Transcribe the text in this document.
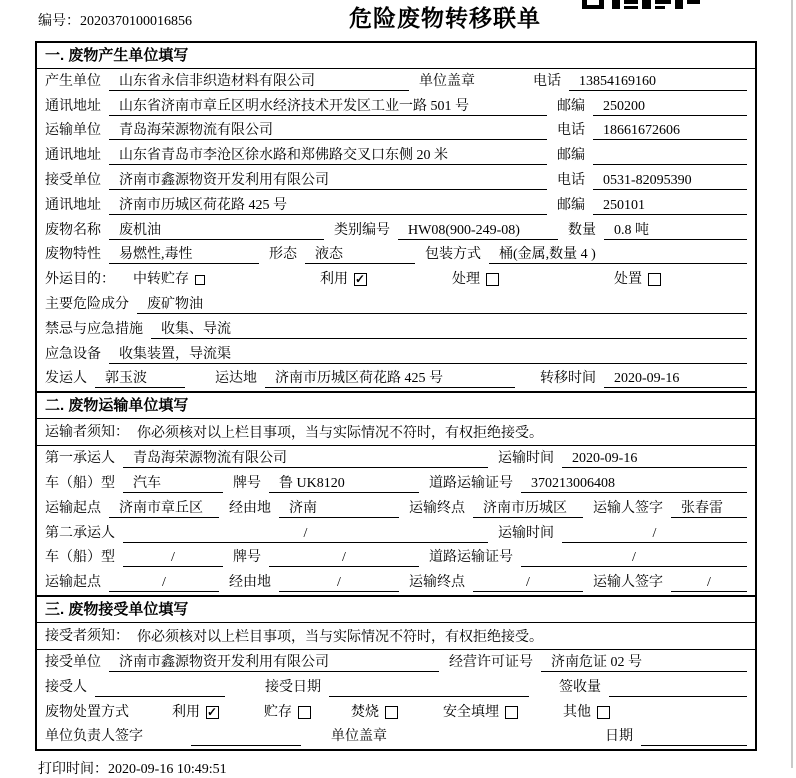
编号：2020370100016856	危险废物转移联单
一. 废物产生单位填写
产生单位	山东省永信非织造材料有限公司	单位盖章	电话	13854169160
通讯地址	山东省济南市章丘区明水经济技术开发区工业一路 501 号	邮编	250200
运输单位	青岛海荣源物流有限公司	电话	18661672606
通讯地址	山东省青岛市李沧区徐水路和郑佛路交叉口东侧 20 米	邮编
接受单位	济南市鑫源物资开发利用有限公司	电话	0531-82095390
通讯地址	济南市历城区荷花路 425 号	邮编	250101
废物名称	废机油	类别编号	HW08(900-249-08)	数量	0.8 吨
废物特性	易燃性,毒性	形态	液态	包装方式	桶(金属,数量 4 )
外运目的：	中转贮存	利用 ✓	处理	处置
主要危险成分	废矿物油
禁忌与应急措施	收集、导流
应急设备	收集装置，导流渠
发运人	郭玉波	运达地	济南市历城区荷花路 425 号	转移时间	2020-09-16
二. 废物运输单位填写
运输者须知： 你必须核对以上栏目事项，当与实际情况不符时，有权拒绝接受。
第一承运人	青岛海荣源物流有限公司	运输时间	2020-09-16
车（船）型	汽车	牌号	鲁 UK8120	道路运输证号	370213006408
运输起点	济南市章丘区	经由地	济南	运输终点	济南市历城区	运输人签字	张春雷
第二承运人	/	运输时间	/
车（船）型	/	牌号	/	道路运输证号	/
运输起点	/	经由地	/	运输终点	/	运输人签字	/
三. 废物接受单位填写
接受者须知： 你必须核对以上栏目事项，当与实际情况不符时，有权拒绝接受。
接受单位	济南市鑫源物资开发利用有限公司	经营许可证号	济南危证 02 号
接受人	接受日期	签收量
废物处置方式	利用 ✓	贮存	焚烧	安全填埋	其他
单位负责人签字	单位盖章	日期
打印时间：2020-09-16 10:49:51
